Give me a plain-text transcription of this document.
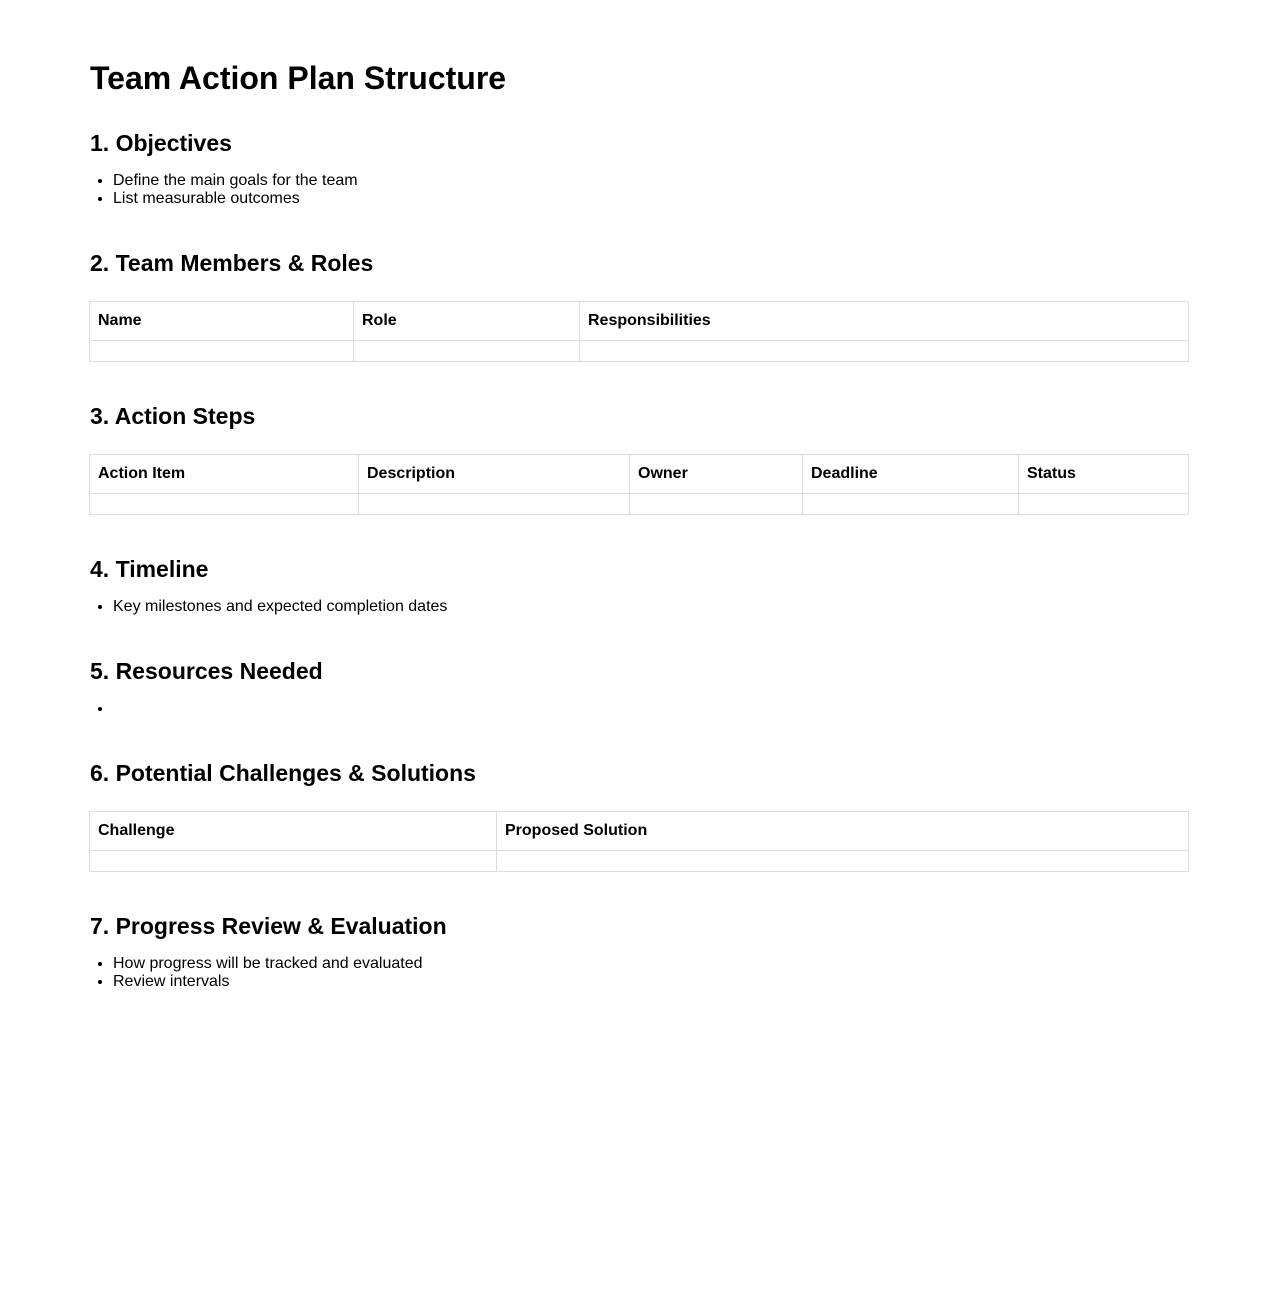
Team Action Plan Structure
1. Objectives
• Define the main goals for the team
• List measurable outcomes
2. Team Members & Roles
Name	Role	Responsibilities

3. Action Steps
Action Item	Description	Owner	Deadline	Status

4. Timeline
• Key milestones and expected completion dates
5. Resources Needed
•
6. Potential Challenges & Solutions
Challenge	Proposed Solution

7. Progress Review & Evaluation
• How progress will be tracked and evaluated
• Review intervals
